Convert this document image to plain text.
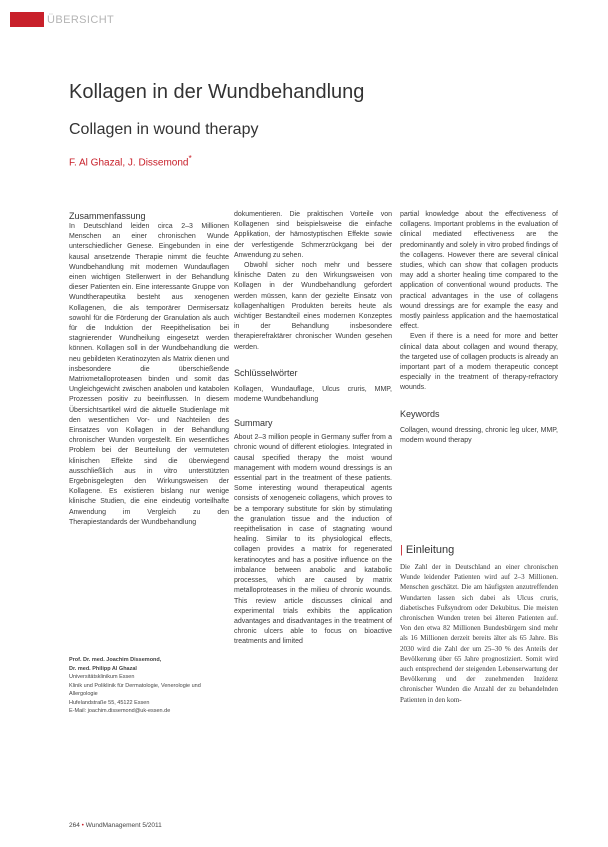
ÜBERSICHT
Kollagen in der Wundbehandlung
Collagen in wound therapy
F. Al Ghazal, J. Dissemond*

Zusammenfassung

In Deutschland leiden circa 2–3 Millionen Menschen an einer chronischen Wunde unterschiedlicher Genese. Eingebunden in eine kausal ansetzende Therapie nimmt die feuchte Wundbehandlung mit modernen Wundauflagen einen wichtigen Stellenwert in der Behandlung dieser Patienten ein. Eine interessante Gruppe von Wundtherapeutika besteht aus xenogenen Kollagenen, die als temporärer Dermisersatz sowohl für die Förderung der Granulation als auch für die Induktion der Reepithelisation bei stagnierender Wundheilung eingesetzt werden können. Kollagen soll in der Wundbehandlung die neu gebildeten Keratinozyten als Matrix dienen und insbesondere die überschießende Matrixmetalloproteasen binden und somit das Ungleichgewicht zwischen anabolen und katabolen Prozessen positiv zu beeinflussen. In diesem Übersichtsartikel wird die aktuelle Studienlage mit den wesentlichen Vor- und Nachteilen des Einsatzes von Kollagen in der Behandlung chronischer Wunden vorgestellt. Ein wesentliches Problem bei der Beurteilung der vermuteten klinischen Effekte sind die überwiegend ausschließlich aus in vitro unterstützten Ergebnisgelegten den Wirkungsweisen der Kollagene. Es existieren bislang nur wenige klinische Studien, die eine eindeutig vorteilhafte Anwendung im Vergleich zu den Therapiestandards der Wundbehandlung

dokumentieren. Die praktischen Vorteile von Kollagenen sind beispielsweise die einfache Applikation, der hämostyptischen Effekte sowie der verfestigende Schmerzrückgang bei der Anwendung zu sehen.

Obwohl sicher noch mehr und bessere klinische Daten zu den Wirkungsweisen von Kollagen in der Wundbehandlung gefordert werden müssen, kann der gezielte Einsatz von kollagenhaltigen Produkten bereits heute als wichtiger Bestandteil eines modernen Konzeptes in der Behandlung insbesondere therapierefraktärer chronischer Wunden gesehen werden.

Schlüsselwörter

Kollagen, Wundauflage, Ulcus cruris, MMP, moderne Wundbehandlung

Summary

About 2–3 million people in Germany suffer from a chronic wound of different etiologies. Integrated in causal specified therapy the moist wound management with modern wound dressings is an essential part in the treatment of these patients. Some interesting wound therapeutical agents consists of xenogeneic collagens, which proves to be a temporary substitute for skin by stimulating the granulation tissue and the induction of reepithelisation in case of stagnating wound healing. Similar to its physiological effects, collagen provides a matrix for regenerated keratinocytes and has a positive influence on the imbalance between anabolic and katabolic processes, which are caused by matrix metalloproteases in the milieu of chronic wounds. This review article discusses clinical and experimental trials exhibits the application advantages and disadvantages in the treatment of chronic ulcers able to focus on bioactive treatments and limited

partial knowledge about the effectiveness of collagens. Important problems in the evaluation of clinical mediated effectiveness are the predominantly and solely in vitro probed findings of the collagens. However there are several clinical studies, which can show that collagen products may add a shorter healing time compared to the application of conventional wound products. The practical advantages in the use of collagens wound dressings are for example the easy and mostly painless application and the haemostatical effect.

Even if there is a need for more and better clinical data about collagen and wound therapy, the targeted use of collagen products is already an important part of a modern therapeutic concept especially in the treatment of therapy-refractory wounds.

Keywords

Collagen, wound dressing, chronic leg ulcer, MMP, modern wound therapy

| Einleitung

Die Zahl der in Deutschland an einer chronischen Wunde leidender Patienten wird auf 2–3 Millionen. Menschen geschätzt. Die am häufigsten anzutreffenden Wundarten lassen sich dabei als Ulcus cruris, diabetisches Fußsyndrom oder Dekubitus. Die meisten chronischen Wunden treten bei älteren Patienten auf. Von den etwa 82 Millionen Bundesbürgern sind mehr als 16 Millionen derzeit bereits älter als 65 Jahre. Bis 2030 wird die Zahl der um 25–30 % des Anteils der Bevölkerung über 65 Jahre prognostiziert. Somit wird auch entsprechend der steigenden Lebenserwartung der Bevölkerung und der zunehmenden Inzidenz chronischer Wunden die Anzahl der zu behandelnden Patienten in den kom-

Prof. Dr. med. Joachim Dissemond,
Dr. med. Philipp Al Ghazal
Universitätsklinikum Essen
Klinik und Poliklinik für Dermatologie, Venerologie und Allergologie
Hufelandstraße 55, 45122 Essen
E-Mail: joachim.dissemond@uk-essen.de
264 • WundManagement 5/2011
